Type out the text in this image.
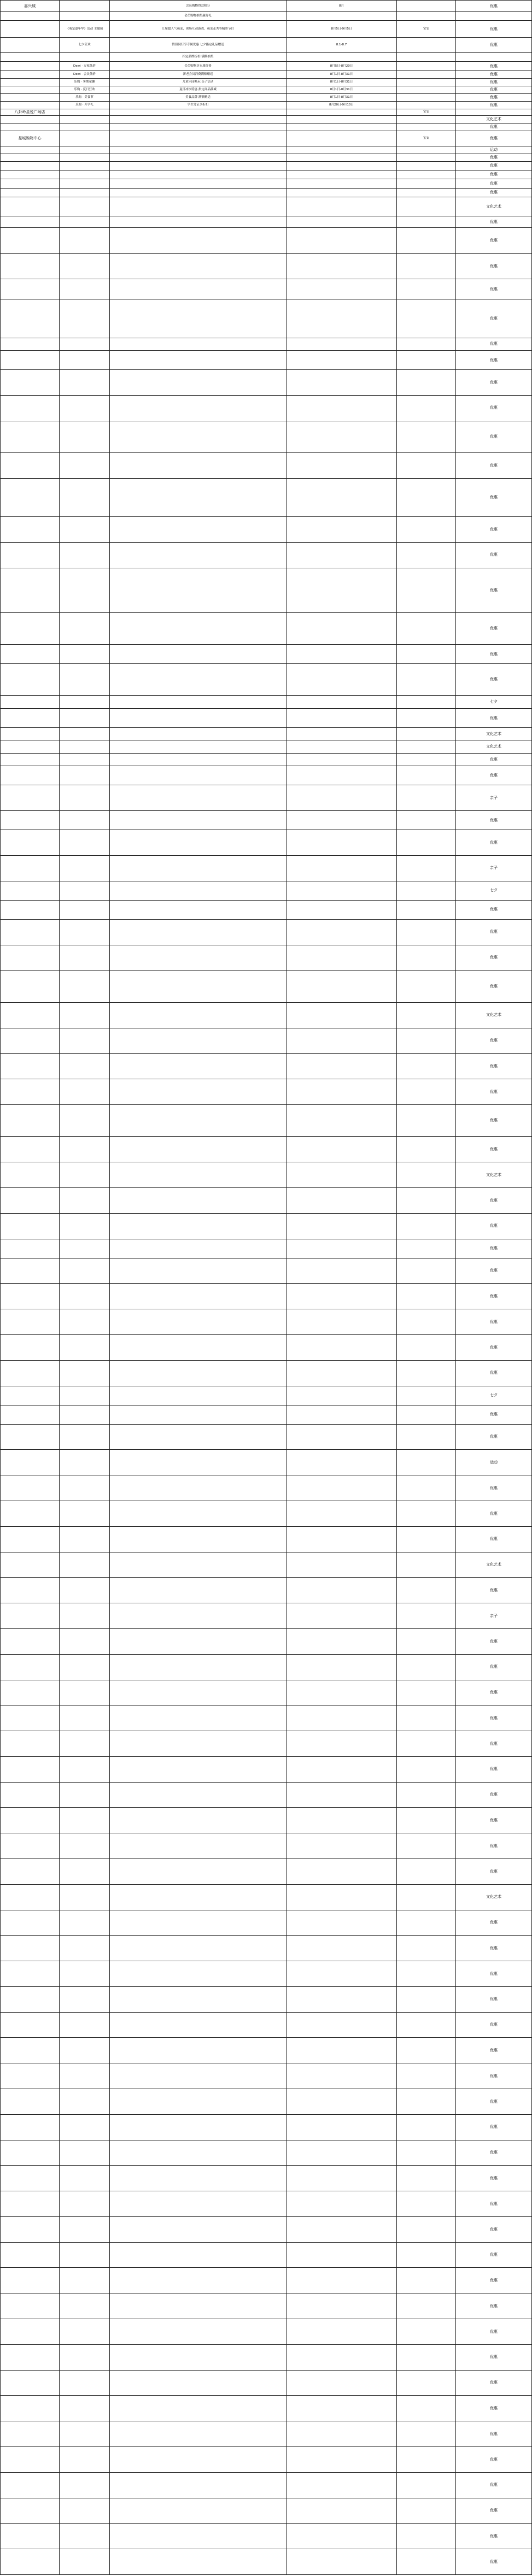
嘉兴城		会员购物得双积分	8月		优惠
		会员购物抽奖赢好礼			
	《萌宠嘉年华》活动 主题展	汇聚超人气萌宠，现场互动游戏，萌宠走秀等精彩节目	8月5日-9月5日	宝安	优惠
	七夕狂欢	情侣同行享专属优惠 七夕指定礼品赠送	8.1-8.7		优惠
		指定品牌折扣 满额抽奖			
	Dewi · 万家低价	会员购物享专属价格	8月5日-8月20日		优惠
	Dewi · 会员低价	新老会员消费满额赠送	8月1日-8月31日		优惠
	乐购 · 暑期童趣	儿童乐园畅玩 亲子活动	8月1日-8月31日		优惠
	乐购 · 夏日狂欢	夏日冰饮特惠 指定商品满减	8月1日-8月31日		优惠
	乐购 · 美食节	美食品牌 满额赠送	8月1日-8月31日		优惠
	乐购 · 开学礼	学生凭证享折扣	8月20日-9月10日		优惠
八卦岭星悦广场店				宝安	
					文化艺术
					优惠
星城购物中心				宝安	优惠
					运动
					优惠
					优惠
					优惠
					优惠
					优惠
					文化艺术
					优惠
					优惠
					优惠
					优惠
					优惠
					优惠
					优惠
					优惠
					优惠
					优惠
					优惠
					优惠
					优惠
					优惠
					优惠
					优惠
					优惠
					优惠
					七夕
					优惠
					文化艺术
					文化艺术
					优惠
					优惠
					亲子
					优惠
					优惠
					亲子
					七夕
					优惠
					优惠
					优惠
					优惠
					文化艺术
					优惠
					优惠
					优惠
					优惠
					优惠
					文化艺术
					优惠
					优惠
					优惠
					优惠
					优惠
					优惠
					优惠
					优惠
					七夕
					优惠
					优惠
					运动
					优惠
					优惠
					优惠
					文化艺术
					优惠
					亲子
					优惠
					优惠
					优惠
					优惠
					优惠
					优惠
					优惠
					优惠
					优惠
					优惠
					文化艺术
					优惠
					优惠
					优惠
					优惠
					优惠
					优惠
					优惠
					优惠
					优惠
					优惠
					优惠
					优惠
					优惠
					优惠
					优惠
					优惠
					优惠
					优惠
					优惠
					优惠
					优惠
					优惠
					优惠
					优惠
					优惠
					优惠
